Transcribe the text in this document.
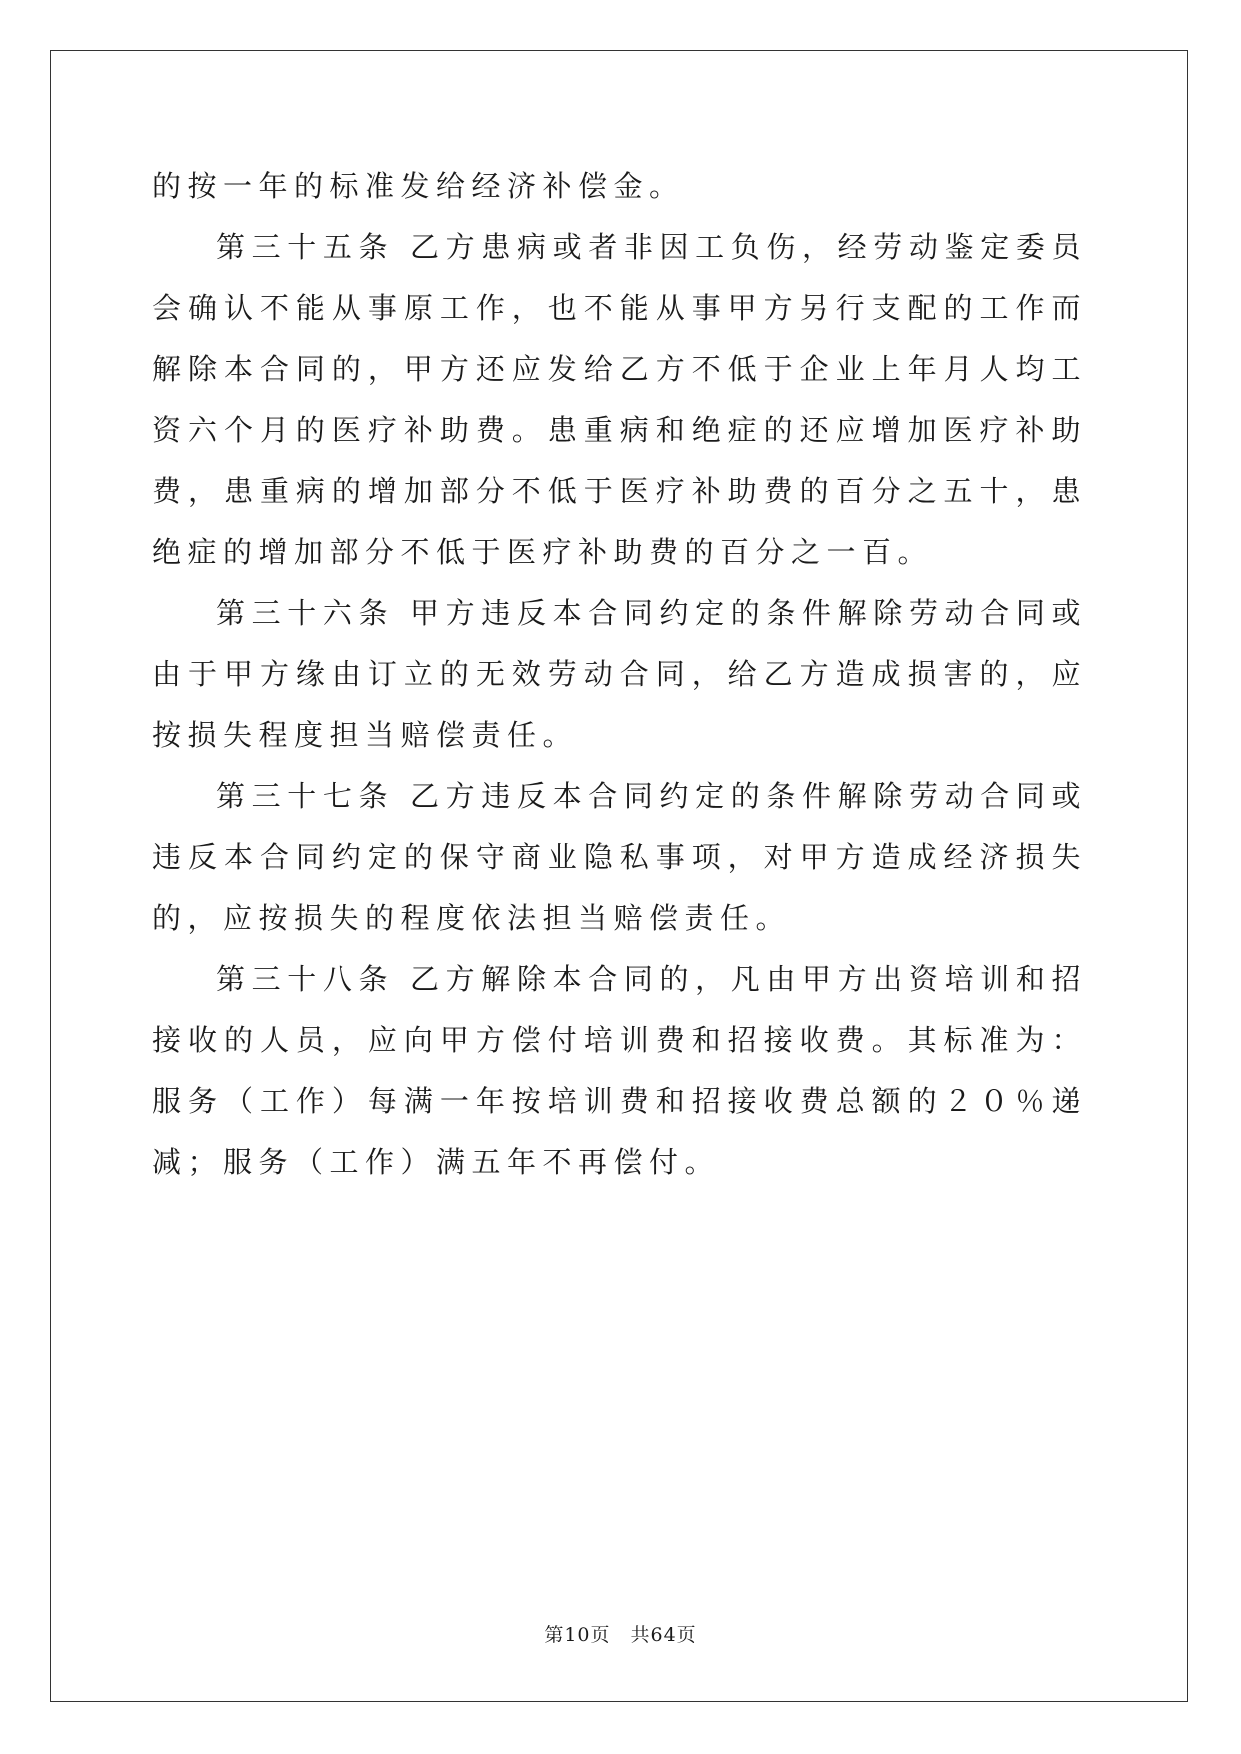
的按一年的标准发给经济补偿金。

第三十五条 乙方患病或者非因工负伤，经劳动鉴定委员会确认不能从事原工作，也不能从事甲方另行支配的工作而解除本合同的，甲方还应发给乙方不低于企业上年月人均工资六个月的医疗补助费。患重病和绝症的还应增加医疗补助费，患重病的增加部分不低于医疗补助费的百分之五十，患绝症的增加部分不低于医疗补助费的百分之一百。

第三十六条 甲方违反本合同约定的条件解除劳动合同或由于甲方缘由订立的无效劳动合同，给乙方造成损害的，应按损失程度担当赔偿责任。

第三十七条 乙方违反本合同约定的条件解除劳动合同或违反本合同约定的保守商业隐私事项，对甲方造成经济损失的，应按损失的程度依法担当赔偿责任。

第三十八条 乙方解除本合同的，凡由甲方出资培训和招接收的人员，应向甲方偿付培训费和招接收费。其标准为：服务（工作）每满一年按培训费和招接收费总额的２０％递减；服务（工作）满五年不再偿付。

第10页　共64页
